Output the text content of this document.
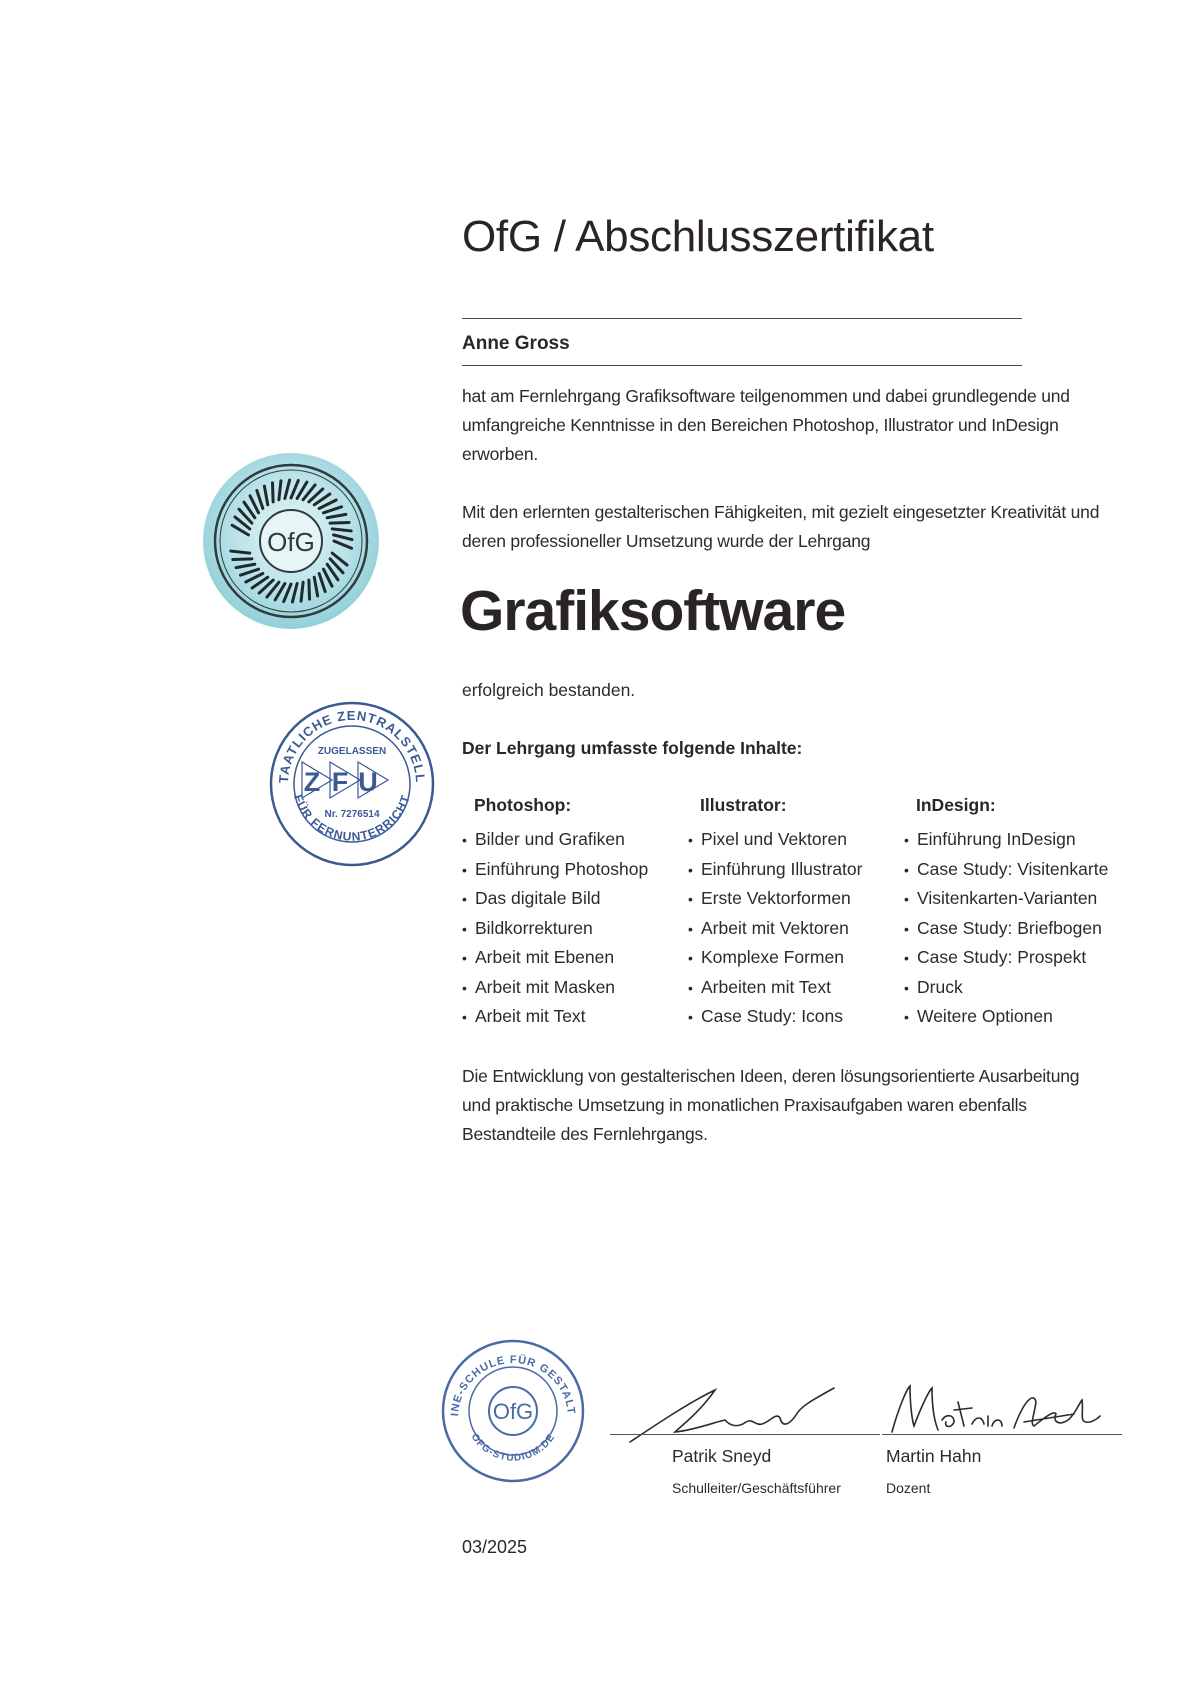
OfG / Abschlusszertifikat
Anne Gross
hat am Fernlehrgang Grafiksoftware teilgenommen und dabei grundlegende und umfangreiche Kenntnisse in den Bereichen Photoshop, Illustrator und InDesign erworben.
Mit den erlernten gestalterischen Fähigkeiten, mit gezielt eingesetzter Kreativität und deren professioneller Umsetzung wurde der Lehrgang
Grafiksoftware
erfolgreich bestanden.
Der Lehrgang umfasste folgende Inhalte:
Photoshop:
• Bilder und Grafiken
• Einführung Photoshop
• Das digitale Bild
• Bildkorrekturen
• Arbeit mit Ebenen
• Arbeit mit Masken
• Arbeit mit Text
Illustrator:
• Pixel und Vektoren
• Einführung Illustrator
• Erste Vektorformen
• Arbeit mit Vektoren
• Komplexe Formen
• Arbeiten mit Text
• Case Study: Icons
InDesign:
• Einführung InDesign
• Case Study: Visitenkarte
• Visitenkarten-Varianten
• Case Study: Briefbogen
• Case Study: Prospekt
• Druck
• Weitere Optionen
Die Entwicklung von gestalterischen Ideen, deren lösungsorientierte Ausarbeitung und praktische Umsetzung in monatlichen Praxisaufgaben waren ebenfalls Bestandteile des Fernlehrgangs.
OfG
TAATLICHE ZENTRALSTELL
FÜR FERNUNTERRICHT
ZUGELASSEN
Z F U
Nr. 7276514
INE-SCHULE FÜR GESTALT
OFG-STUDIUM.DE
OfG
Patrik Sneyd
Schulleiter/Geschäftsführer
Martin Hahn
Dozent
03/2025
